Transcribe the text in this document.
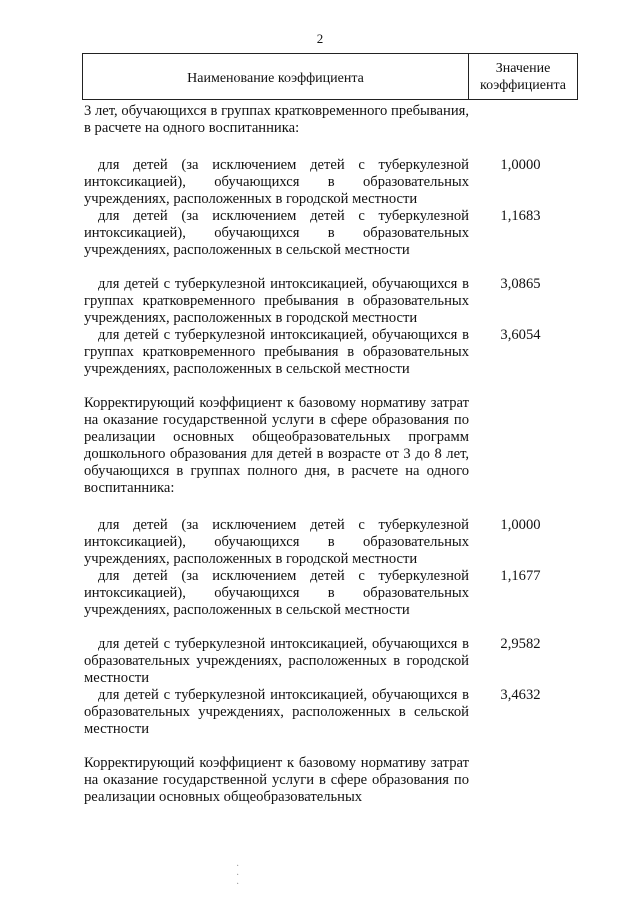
2
Наименование коэффициента
Значение
коэффициента
3 лет, обучающихся в группах кратковременного пребывания, в расчете на одного воспитанника:
для детей (за исключением детей с туберкулезной интоксикацией), обучающихся в образовательных учреждениях, расположенных в городской местности
1,0000
для детей (за исключением детей с туберкулезной интоксикацией), обучающихся в образовательных учреждениях, расположенных в сельской местности
1,1683
для детей с туберкулезной интоксикацией, обучающихся в группах кратковременного пребывания в образовательных учреждениях, расположенных в городской местности
3,0865
для детей с туберкулезной интоксикацией, обучающихся в группах кратковременного пребывания в образовательных учреждениях, расположенных в сельской местности
3,6054
Корректирующий коэффициент к базовому нормативу затрат на оказание государственной услуги в сфере образования по реализации основных общеобразовательных программ дошкольного образования для детей в возрасте от 3 до 8 лет, обучающихся в группах полного дня, в расчете на одного воспитанника:
для детей (за исключением детей с туберкулезной интоксикацией), обучающихся в образовательных учреждениях, расположенных в городской местности
1,0000
для детей (за исключением детей с туберкулезной интоксикацией), обучающихся в образовательных учреждениях, расположенных в сельской местности
1,1677
для детей с туберкулезной интоксикацией, обучающихся в образовательных учреждениях, расположенных в городской местности
2,9582
для детей с туберкулезной интоксикацией, обучающихся в образовательных учреждениях, расположенных в сельской местности
3,4632
Корректирующий коэффициент к базовому нормативу затрат на оказание государственной услуги в сфере образования по реализации основных общеобразовательных
·
·
·
